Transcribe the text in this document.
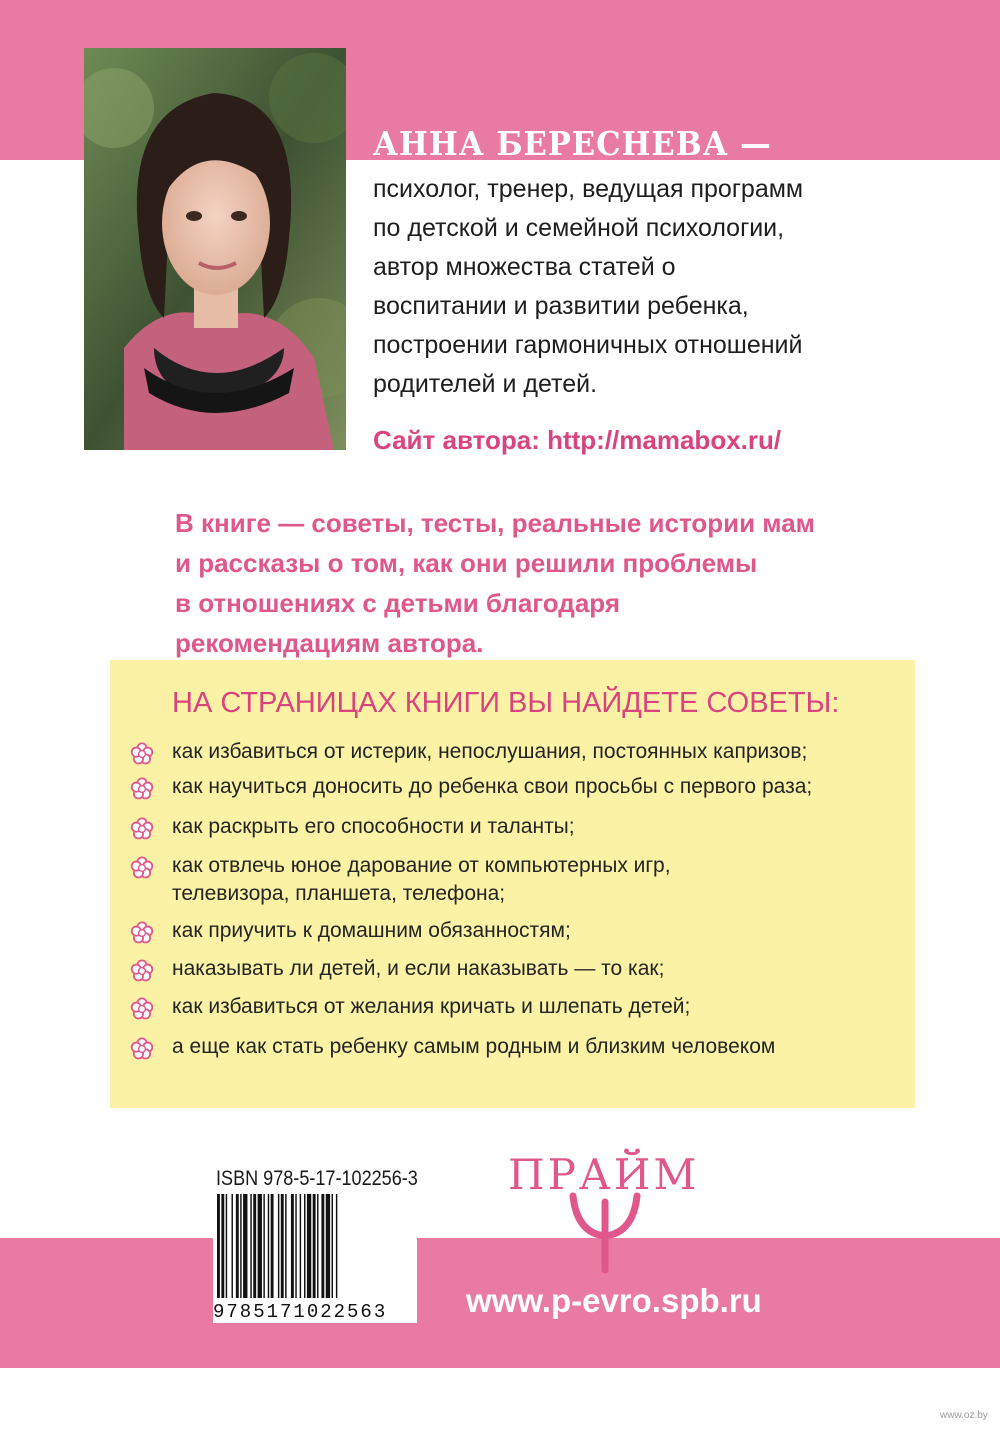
АННА БЕРЕСНЕВА —
психолог, тренер, ведущая программ
по детской и семейной психологии,
автор множества статей о
воспитании и развитии ребенка,
построении гармоничных отношений
родителей и детей.
Сайт автора: http://mamabox.ru/
В книге — советы, тесты, реальные истории мам
и рассказы о том, как они решили проблемы
в отношениях с детьми благодаря
рекомендациям автора.
НА СТРАНИЦАХ КНИГИ ВЫ НАЙДЕТЕ СОВЕТЫ:
как избавиться от истерик, непослушания, постоянных капризов;
как научиться доносить до ребенка свои просьбы с первого раза;
как раскрыть его способности и таланты;
как отвлечь юное дарование от компьютерных игр,
телевизора, планшета, телефона;
как приучить к домашним обязанностям;
наказывать ли детей, и если наказывать — то как;
как избавиться от желания кричать и шлепать детей;
а еще как стать ребенку самым родным и близким человеком
ISBN 978-5-17-102256-3
9785171022563
ПРАЙМ
www.p-evro.spb.ru
www.oz.by
